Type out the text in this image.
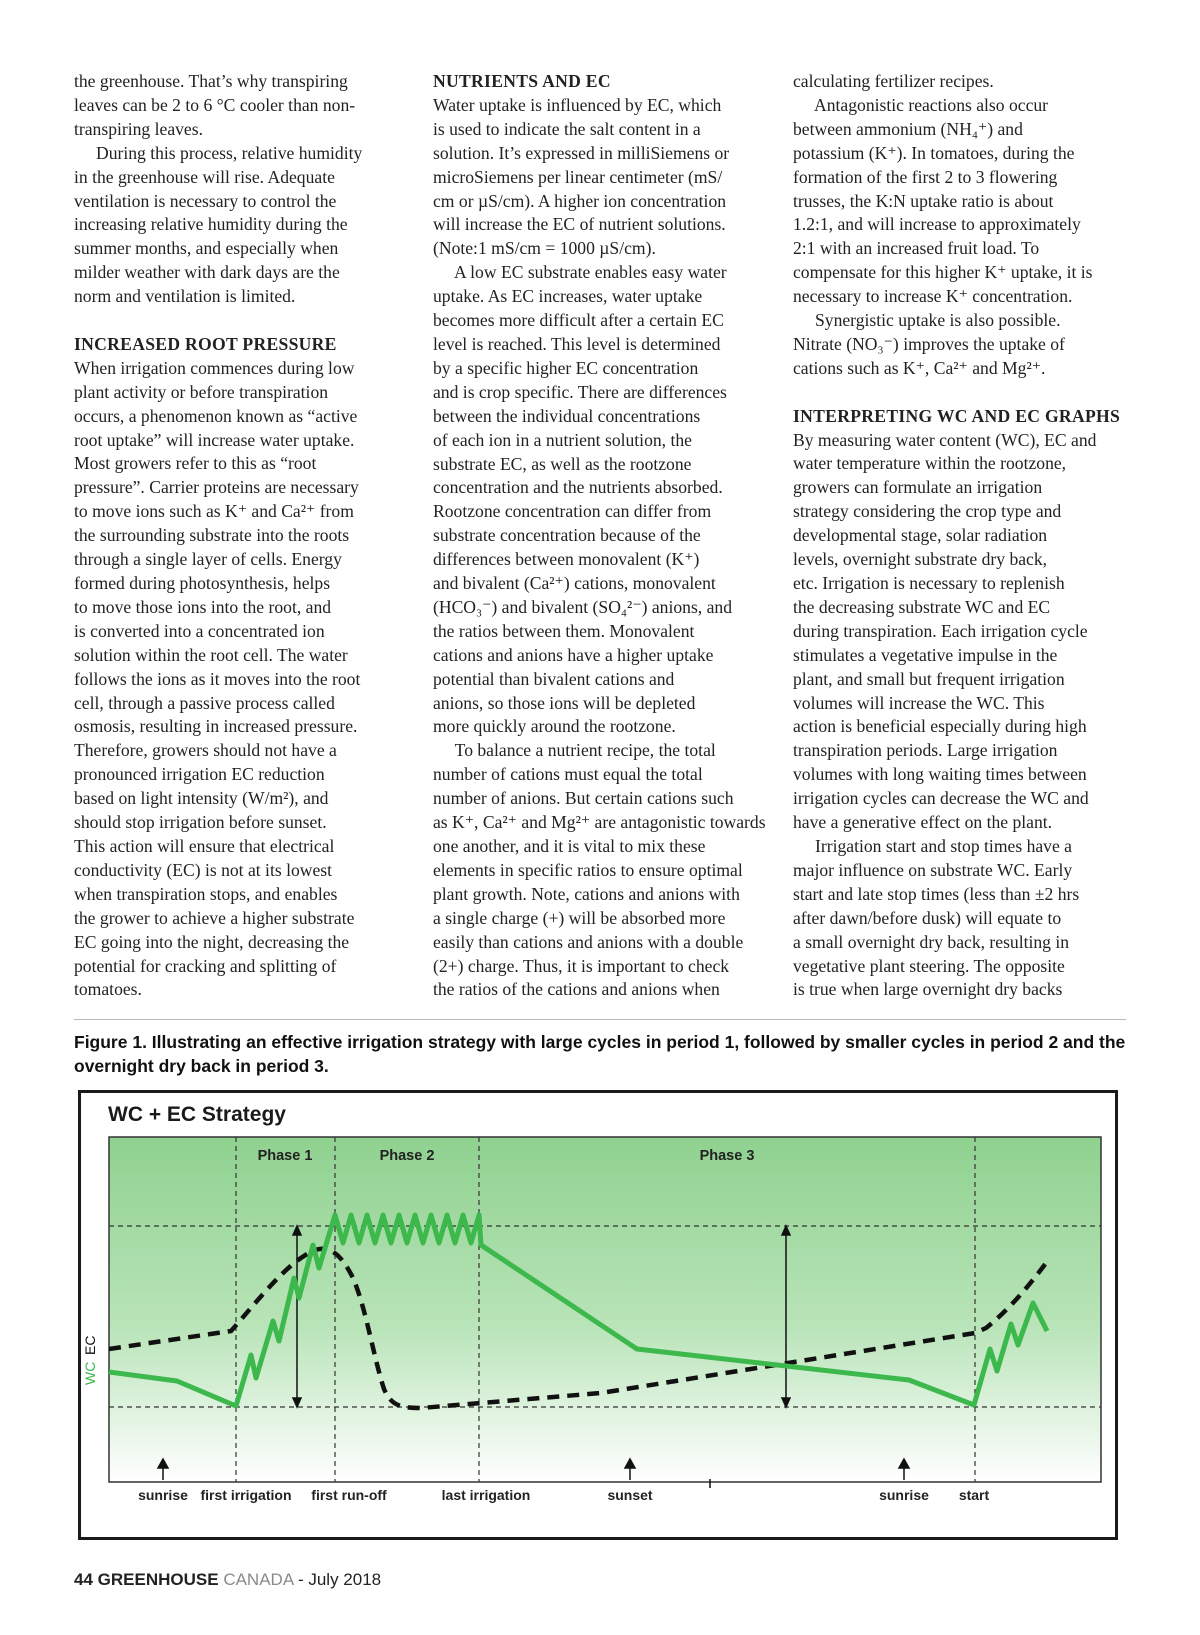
the greenhouse. That’s why transpiring

leaves can be 2 to 6 °C cooler than non-

transpiring leaves.

During this process, relative humidity

in the greenhouse will rise. Adequate

ventilation is necessary to control the

increasing relative humidity during the

summer months, and especially when

milder weather with dark days are the

norm and ventilation is limited.

INCREASED ROOT PRESSURE

When irrigation commences during low

plant activity or before transpiration

occurs, a phenomenon known as “active

root uptake” will increase water uptake.

Most growers refer to this as “root

pressure”. Carrier proteins are necessary

to move ions such as K⁺ and Ca²⁺ from

the surrounding substrate into the roots

through a single layer of cells. Energy

formed during photosynthesis, helps

to move those ions into the root, and

is converted into a concentrated ion

solution within the root cell. The water

follows the ions as it moves into the root

cell, through a passive process called

osmosis, resulting in increased pressure.

Therefore, growers should not have a

pronounced irrigation EC reduction

based on light intensity (W/m²), and

should stop irrigation before sunset.

This action will ensure that electrical

conductivity (EC) is not at its lowest

when transpiration stops, and enables

the grower to achieve a higher substrate

EC going into the night, decreasing the

potential for cracking and splitting of

tomatoes.

NUTRIENTS AND EC

Water uptake is influenced by EC, which

is used to indicate the salt content in a

solution. It’s expressed in milliSiemens or

microSiemens per linear centimeter (mS/

cm or µS/cm). A higher ion concentration

will increase the EC of nutrient solutions.

(Note:1 mS/cm = 1000 µS/cm).

A low EC substrate enables easy water

uptake. As EC increases, water uptake

becomes more difficult after a certain EC

level is reached. This level is determined

by a specific higher EC concentration

and is crop specific. There are differences

between the individual concentrations

of each ion in a nutrient solution, the

substrate EC, as well as the rootzone

concentration and the nutrients absorbed.

Rootzone concentration can differ from

substrate concentration because of the

differences between monovalent (K⁺)

and bivalent (Ca²⁺) cations, monovalent

(HCO₃⁻) and bivalent (SO₄²⁻) anions, and

the ratios between them. Monovalent

cations and anions have a higher uptake

potential than bivalent cations and

anions, so those ions will be depleted

more quickly around the rootzone.

To balance a nutrient recipe, the total

number of cations must equal the total

number of anions. But certain cations such

as K⁺, Ca²⁺ and Mg²⁺ are antagonistic towards

one another, and it is vital to mix these

elements in specific ratios to ensure optimal

plant growth. Note, cations and anions with

a single charge (+) will be absorbed more

easily than cations and anions with a double

(2+) charge. Thus, it is important to check

the ratios of the cations and anions when

calculating fertilizer recipes.

Antagonistic reactions also occur

between ammonium (NH₄⁺) and

potassium (K⁺). In tomatoes, during the

formation of the first 2 to 3 flowering

trusses, the K:N uptake ratio is about

1.2:1, and will increase to approximately

2:1 with an increased fruit load. To

compensate for this higher K⁺ uptake, it is

necessary to increase K⁺ concentration.

Synergistic uptake is also possible.

Nitrate (NO₃⁻) improves the uptake of

cations such as K⁺, Ca²⁺ and Mg²⁺.

INTERPRETING WC AND EC GRAPHS

By measuring water content (WC), EC and

water temperature within the rootzone,

growers can formulate an irrigation

strategy considering the crop type and

developmental stage, solar radiation

levels, overnight substrate dry back,

etc. Irrigation is necessary to replenish

the decreasing substrate WC and EC

during transpiration. Each irrigation cycle

stimulates a vegetative impulse in the

plant, and small but frequent irrigation

volumes will increase the WC. This

action is beneficial especially during high

transpiration periods. Large irrigation

volumes with long waiting times between

irrigation cycles can decrease the WC and

have a generative effect on the plant.

Irrigation start and stop times have a

major influence on substrate WC. Early

start and late stop times (less than ±2 hrs

after dawn/before dusk) will equate to

a small overnight dry back, resulting in

vegetative plant steering. The opposite

is true when large overnight dry backs

Figure 1. Illustrating an effective irrigation strategy with large cycles in period 1, followed by smaller cycles in period 2 and the overnight dry back in period 3.
Phase 1	Phase 2	Phase 3
WC
EC
sunrise first irrigation first run-off	last irrigation	sunset	sunrise start
WC + EC Strategy
44 GREENHOUSE CANADA - July 2018
